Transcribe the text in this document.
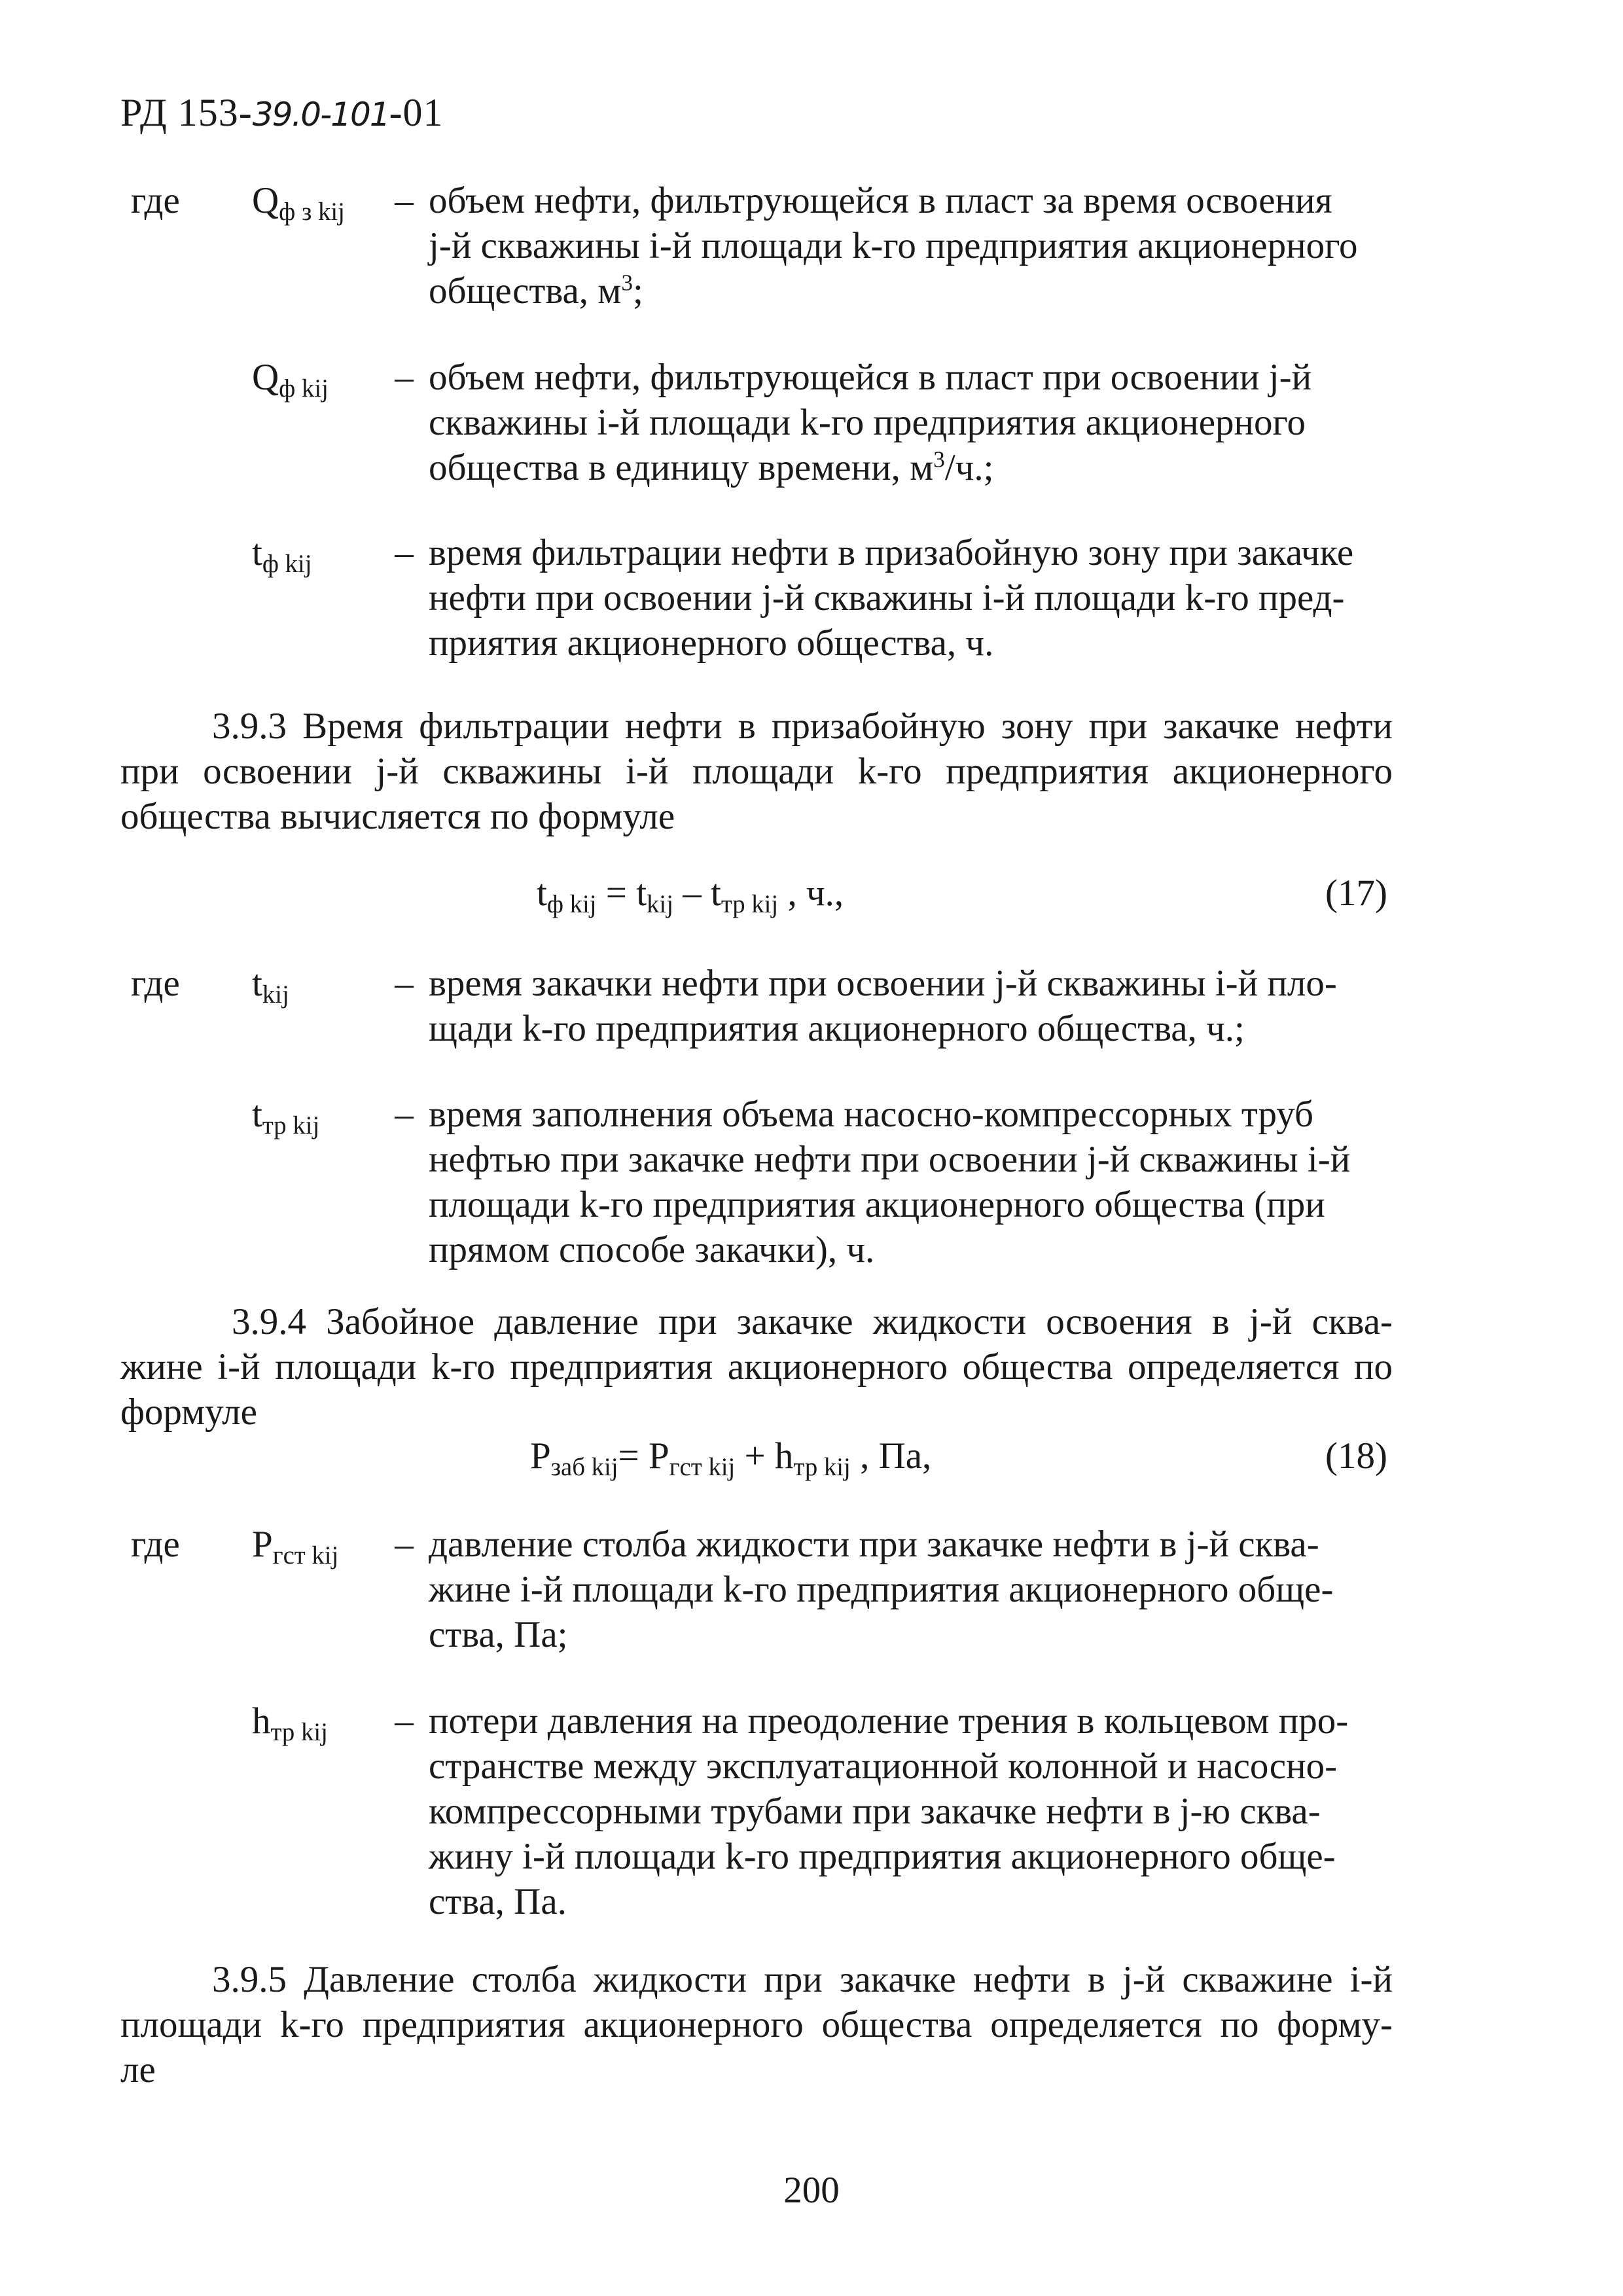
РД 153-39.0-101-01
где	$Q_{ф з kij}$	– объем нефти, фильтрующейся в пласт за время освоения
j-й скважины i-й площади k-го предприятия акционерного
общества, $м^3$;
$Q_{ф kij}$	– объем нефти, фильтрующейся в пласт при освоении j-й
скважины i-й площади k-го предприятия акционерного
общества в единицу времени, $м^3/ч$.;
$t_{ф kij}$	– время фильтрации нефти в призабойную зону при закачке
нефти при освоении j-й скважины i-й площади k-го пред-
приятия акционерного общества, ч.
3.9.3 Время фильтрации нефти в призабойную зону при закачке нефти
при освоении j-й скважины i-й площади k-го предприятия акционерного
общества вычисляется по формуле
$t_{ф kij} = t_{kij} - t_{тр kij}$ , ч.,	(17)
где	$t_{kij}$	– время закачки нефти при освоении j-й скважины i-й пло-
щади k-го предприятия акционерного общества, ч.;
$t_{тр kij}$	– время заполнения объема насосно-компрессорных труб
нефтью при закачке нефти при освоении j-й скважины i-й
площади k-го предприятия акционерного общества (при
прямом способе закачки), ч.
3.9.4 Забойное давление при закачке жидкости освоения в j-й сква-
жине i-й площади k-го предприятия акционерного общества определяется по
формуле
$P_{заб kij}= P_{гст kij} + h_{тр kij}$ , Па,	(18)
где	$P_{гст kij}$	– давление столба жидкости при закачке нефти в j-й сква-
жине i-й площади k-го предприятия акционерного обще-
ства, Па;
$h_{тр kij}$	– потери давления на преодоление трения в кольцевом про-
странстве между эксплуатационной колонной и насосно-
компрессорными трубами при закачке нефти в j-ю сква-
жину i-й площади k-го предприятия акционерного обще-
ства, Па.
3.9.5 Давление столба жидкости при закачке нефти в j-й скважине i-й
площади k-го предприятия акционерного общества определяется по форму-
ле
200
